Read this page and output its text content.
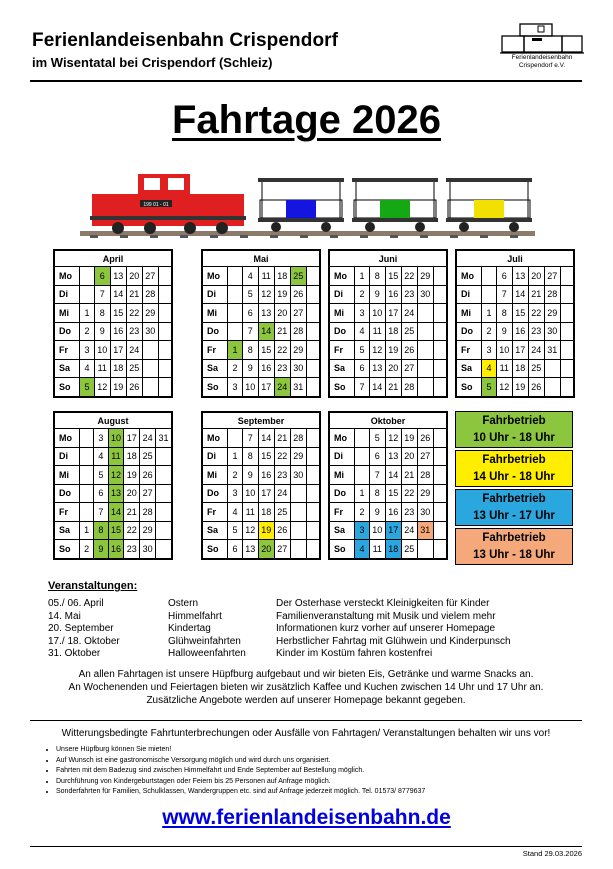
Ferienlandeisenbahn Crispendorf
im Wisentatal bei Crispendorf (Schleiz)	Ferienlandeisenbahn
Crispendorf e.V.
Fahrtage 2026
199 01 - 01
April						
Mo		6	13	20	27	
Di		7	14	21	28	
Mi	1	8	15	22	29	
Do	2	9	16	23	30	
Fr	3	10	17	24		
Sa	4	11	18	25		
So	5	12	19	26		
Mai						
Mo		4	11	18	25	
Di		5	12	19	26	
Mi		6	13	20	27	
Do		7	14	21	28	
Fr	1	8	15	22	29	
Sa	2	9	16	23	30	
So	3	10	17	24	31	
Juni						
Mo	1	8	15	22	29	
Di	2	9	16	23	30	
Mi	3	10	17	24		
Do	4	11	18	25		
Fr	5	12	19	26		
Sa	6	13	20	27		
So	7	14	21	28		
Juli						
Mo		6	13	20	27	
Di		7	14	21	28	
Mi	1	8	15	22	29	
Do	2	9	16	23	30	
Fr	3	10	17	24	31	
Sa	4	11	18	25		
So	5	12	19	26		
August						
Mo		3	10	17	24	31
Di		4	11	18	25	
Mi		5	12	19	26	
Do		6	13	20	27	
Fr		7	14	21	28	
Sa	1	8	15	22	29	
So	2	9	16	23	30	
September						
Mo		7	14	21	28	
Di	1	8	15	22	29	
Mi	2	9	16	23	30	
Do	3	10	17	24		
Fr	4	11	18	25		
Sa	5	12	19	26		
So	6	13	20	27		
Oktober						
Mo		5	12	19	26	
Di		6	13	20	27	
Mi		7	14	21	28	
Do	1	8	15	22	29	
Fr	2	9	16	23	30	
Sa	3	10	17	24	31	
So	4	11	18	25		
Fahrbetrieb
10 Uhr - 18 Uhr
Fahrbetrieb
14 Uhr - 18 Uhr
Fahrbetrieb
13 Uhr - 17 Uhr
Fahrbetrieb
13 Uhr - 18 Uhr
Veranstaltungen:
05./ 06. April	Ostern	Der Osterhase versteckt Kleinigkeiten für Kinder
14. Mai	Himmelfahrt	Familienveranstaltung mit Musik und vielem mehr
20. September	Kindertag	Informationen kurz vorher auf unserer Homepage
17./ 18. Oktober	Glühweinfahrten	Herbstlicher Fahrtag mit Glühwein und Kinderpunsch
31. Oktober	Halloweenfahrten	Kinder im Kostüm fahren kostenfrei
An allen Fahrtagen ist unsere Hüpfburg aufgebaut und wir bieten Eis, Getränke und warme Snacks an.
An Wochenenden und Feiertagen bieten wir zusätzlich Kaffee und Kuchen zwischen 14 Uhr und 17 Uhr an.
Zusätzliche Angebote werden auf unserer Homepage bekannt gegeben.
Witterungsbedingte Fahrtunterbrechungen oder Ausfälle von Fahrtagen/ Veranstaltungen behalten wir uns vor!
• Unsere Hüpfburg können Sie mieten!
• Auf Wunsch ist eine gastronomische Versorgung möglich und wird durch uns organisiert.
• Fahrten mit dem Badezug sind zwischen Himmelfahrt und Ende September auf Bestellung möglich.
• Durchführung von Kindergeburtstagen oder Feiern bis 25 Personen auf Anfrage möglich.
• Sonderfahrten für Familien, Schulklassen, Wandergruppen etc. sind auf Anfrage jederzeit möglich. Tel. 01573/ 8779637
www.ferienlandeisenbahn.de
Stand 29.03.2026
